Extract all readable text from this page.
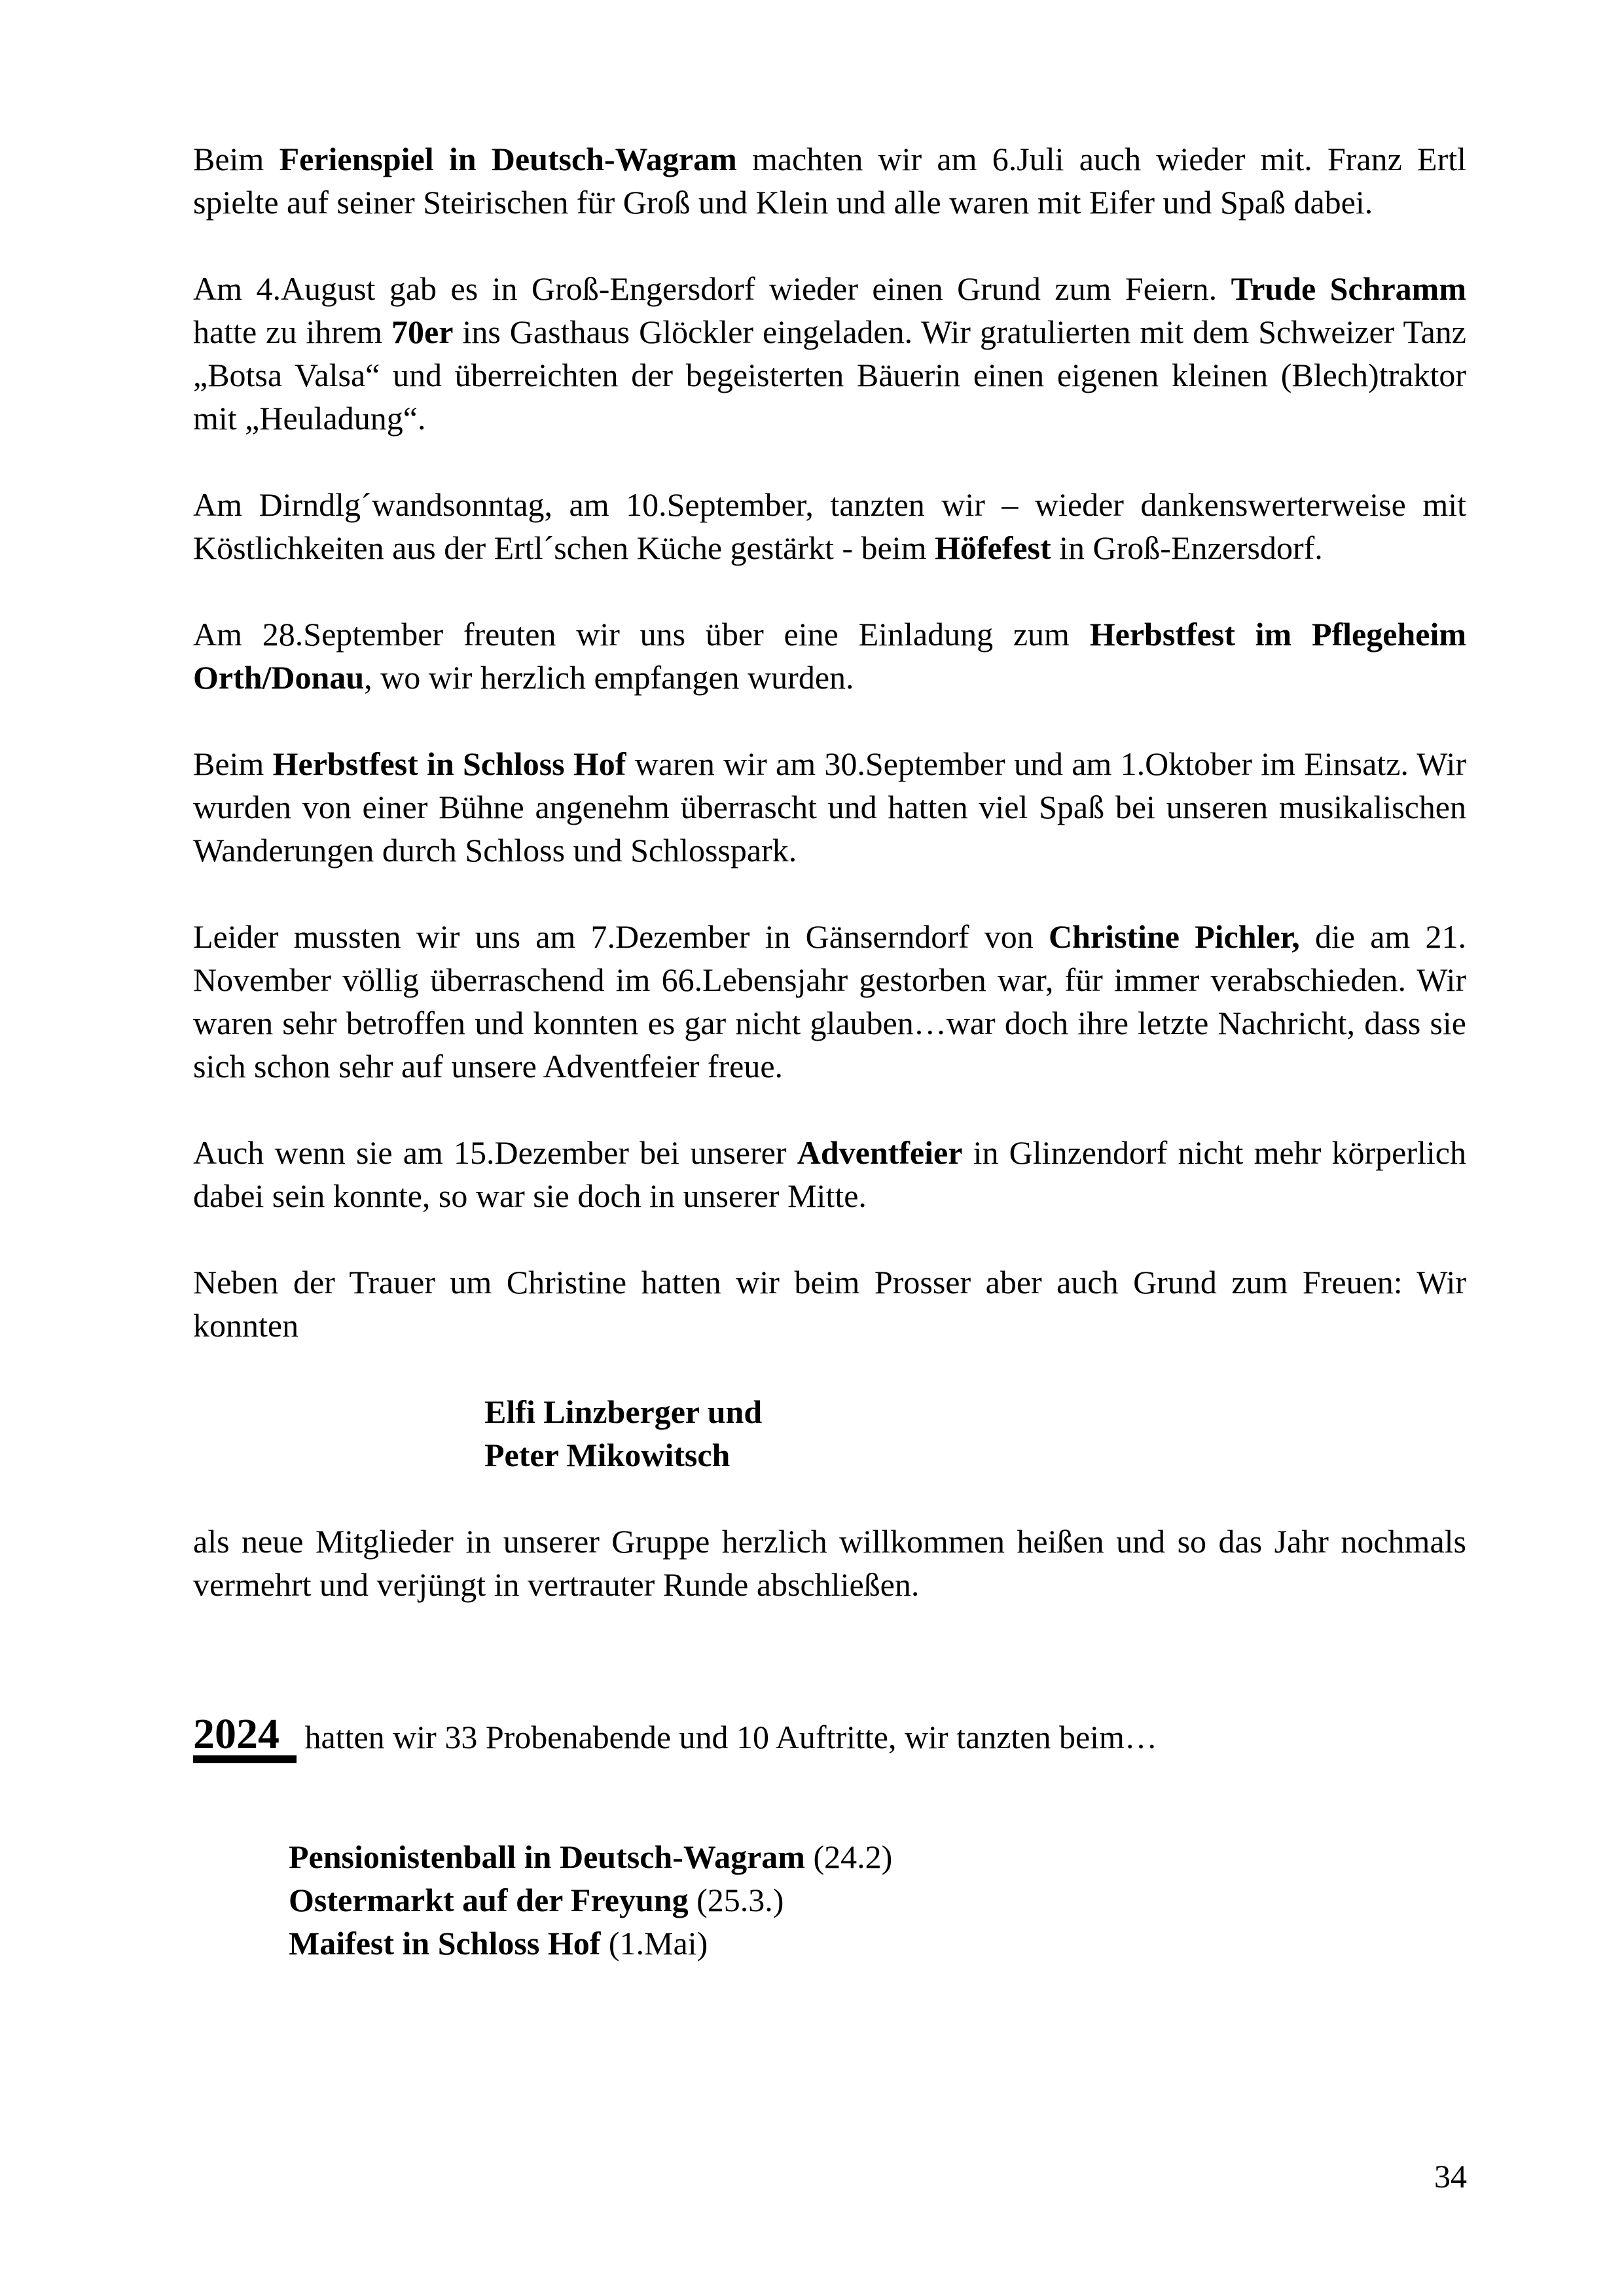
Beim Ferienspiel in Deutsch-Wagram machten wir am 6.Juli auch wieder mit. Franz Ertl spielte auf seiner Steirischen für Groß und Klein und alle waren mit Eifer und Spaß dabei.

Am 4.August gab es in Groß-Engersdorf wieder einen Grund zum Feiern. Trude Schramm hatte zu ihrem 70er ins Gasthaus Glöckler eingeladen. Wir gratulierten mit dem Schweizer Tanz „Botsa Valsa“ und überreichten der begeisterten Bäuerin einen eigenen kleinen (Blech)traktor mit „Heuladung“.

Am Dirndlg´wandsonntag, am 10.September, tanzten wir – wieder dankenswerterweise mit Köstlichkeiten aus der Ertl´schen Küche gestärkt - beim Höfefest in Groß-Enzersdorf.

Am 28.September freuten wir uns über eine Einladung zum Herbstfest im Pflegeheim Orth/Donau, wo wir herzlich empfangen wurden.

Beim Herbstfest in Schloss Hof waren wir am 30.September und am 1.Oktober im Einsatz. Wir wurden von einer Bühne angenehm überrascht und hatten viel Spaß bei unseren musikalischen Wanderungen durch Schloss und Schlosspark.

Leider mussten wir uns am 7.Dezember in Gänserndorf von Christine Pichler, die am 21. November völlig überraschend im 66.Lebensjahr gestorben war, für immer verabschieden. Wir waren sehr betroffen und konnten es gar nicht glauben…war doch ihre letzte Nachricht, dass sie sich schon sehr auf unsere Adventfeier freue.

Auch wenn sie am 15.Dezember bei unserer Adventfeier in Glinzendorf nicht mehr körperlich dabei sein konnte, so war sie doch in unserer Mitte.

Neben der Trauer um Christine hatten wir beim Prosser aber auch Grund zum Freuen: Wir konnten

Elfi Linzberger und
Peter Mikowitsch

als neue Mitglieder in unserer Gruppe herzlich willkommen heißen und so das Jahr nochmals vermehrt und verjüngt in vertrauter Runde abschließen.

2024 hatten wir 33 Probenabende und 10 Auftritte, wir tanzten beim…

Pensionistenball in Deutsch-Wagram (24.2)

Ostermarkt auf der Freyung (25.3.)

Maifest in Schloss Hof (1.Mai)

34
